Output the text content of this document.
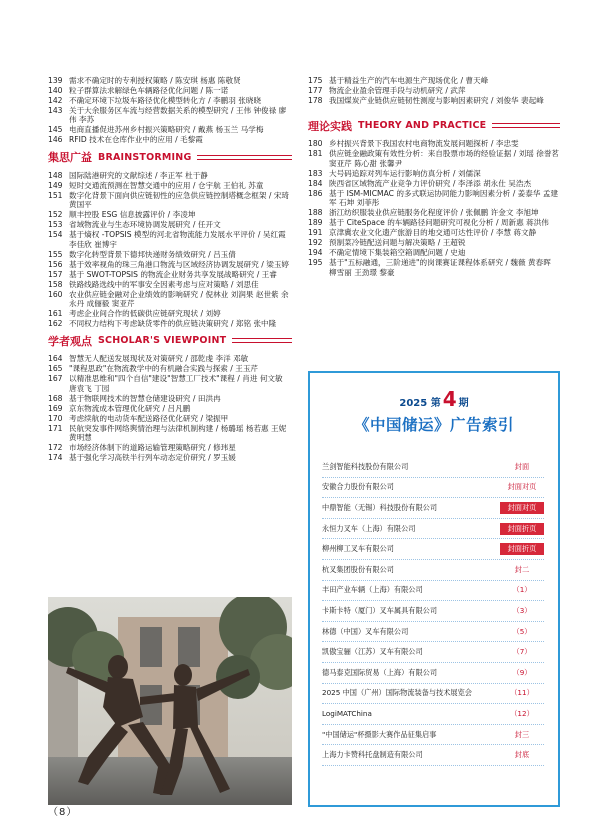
139 需求不确定时的专利授权策略 / 陈安琪 杨惠 陈敬贤
140 粒子群算法求解绿色车辆路径优化问题 / 陈一诺
142 不确定环境下垃圾车路径优化模型转化方 / 李鹏羽 张晓晓
143 关于大余服务区车流与经营数据关系的模型研究 / 王伟 钟俊禄 廖伟 李苏
145 电商直播促进苏州乡村振兴策略研究 / 戴燕 杨玉兰 马学梅
146 RFID 技术在仓库作业中的应用 / 毛黎霞
集思广益 BRAINSTORMING
148 国际陆港研究的文献综述 / 李正军 杜于静
149 短时交通流预测在智慧交通中的应用 / 仓宇航 王伯礼 苏童
151 数字化背景下面向供应链韧性的应急供应链控制塔概念框架 / 宋琦 黄国平
152 顺丰控股 ESG 信息披露评价 / 李凌坤
153 省域物流业与生态环境协调发展研究 / 任开文
154 基于熵权 -TOPSIS 模型的河北省物流能力发展水平评价 / 吴红霞 李佳欣 崔博宇
155 数字化转型背景下德邦快递财务绩效研究 / 吕玉倩
156 基于效率视角的珠三角港口物流与区域经济协调发展研究 / 梁玉婷
157 基于 SWOT-TOPSIS 的物流企业财务共享发展战略研究 / 王睿
158 铁路线路选线中的军事安全因素考虑与应对策略 / 刘思佳
160 农业供应链金融对企业绩效的影响研究 / 倪林业 刘润果 赵世紫 余永丹 成俪毅 窦亚芹
161 考虑企业间合作的低碳供应链研究现状 / 刘婷
162 不同权力结构下考虑缺货零件的供应链决策研究 / 郑铭 张中隆
学者观点 SCHOLAR'S VIEWPOINT
164 智慧无人配送发展现状及对策研究 / 邵乾虔 李洋 邓敏
165 "课程思政"在物流教学中的有机融合实践与探索 / 王玉芹
167 以精准思维和"四个自信"建设"智慧工厂技术"课程 / 肖进 何文敏 唐袁飞 丁园
168 基于物联网技术的智慧仓储建设研究 / 田洪冉
169 京东物流成本管理优化研究 / 吕凡鹏
170 考虑续航的电动货车配送路径优化研究 / 梁振甲
171 民航突发事件网络舆情治理与法律机制构建 / 杨璐瑶 杨若惠 王妮 黄明慧
172 市场经济体制下的道路运输管理策略研究 / 修玮星
174 基于强化学习高铁半行列车动态定价研究 / 罗玉媛
175 基于精益生产的汽车电源生产现场优化 / 曹天峰
177 物流企业盈余管理手段与动机研究 / 武萍
178 我国煤炭产业链供应链韧性测度与影响因素研究 / 刘俊华 裴起峰
理论实践 THEORY AND PRACTICE
180 乡村振兴背景下我国农村电商物流发展问题探析 / 李忠雯
181 供应链金融政策有效性分析：来自股票市场的经验证据 / 刘瑶 徐誉茗 窦亚芹 陈心甜 张馨尹
183 大号码追踪对列车运行影响仿真分析 / 刘儒深
184 陕西省区域物流产业竞争力评价研究 / 李泽添 胡永仕 吴浩杰
186 基于 ISM-MICMAC 的多式联运协同能力影响因素分析 / 姜泰华 孟建军 石坤 刘菲彤
188 浙江纺织服装业供应链服务化程度评价 / 张佩鹏 许金文 李旭坤
189 基于 CiteSpace 的车辆路径问题研究可视化分析 / 周新惠 蒋洪伟
191 京津冀农业文化遗产旅游目的地交通可达性评价 / 李慧 蒋文静
192 预制菜冷链配送问题与解决策略 / 王超锐
194 不确定情境下集装箱空箱调配问题 / 史迪
195 基于"五标融通，三阶递进"的岗课赛证课程体系研究 / 魏薇 黄春晖 柳雪丽 王劲璟 黎豪
2025 第 4 期
《中国储运》广告索引
兰剑智能科技股份有限公司	封面
安徽合力股份有限公司	封面对页
中鼎智能（无锡）科技股份有限公司	封面对页
永恒力叉车（上海）有限公司	封面折页
柳州柳工叉车有限公司	封面折页
杭叉集团股份有限公司	封二
丰田产业车辆（上海）有限公司	（1）
卡斯卡特（厦门）叉车属具有限公司	（3）
林德（中国）叉车有限公司	（5）
凯傲宝骊（江苏）叉车有限公司	（7）
德马泰克国际贸易（上海）有限公司	（9）
2025 中国（广州）国际物流装备与技术展览会	（11）
LogiMATChina	（12）
"中国储运"杯摄影大赛作品征集启事	封三
上海力卡赞科托盘制造有限公司	封底
（8）
